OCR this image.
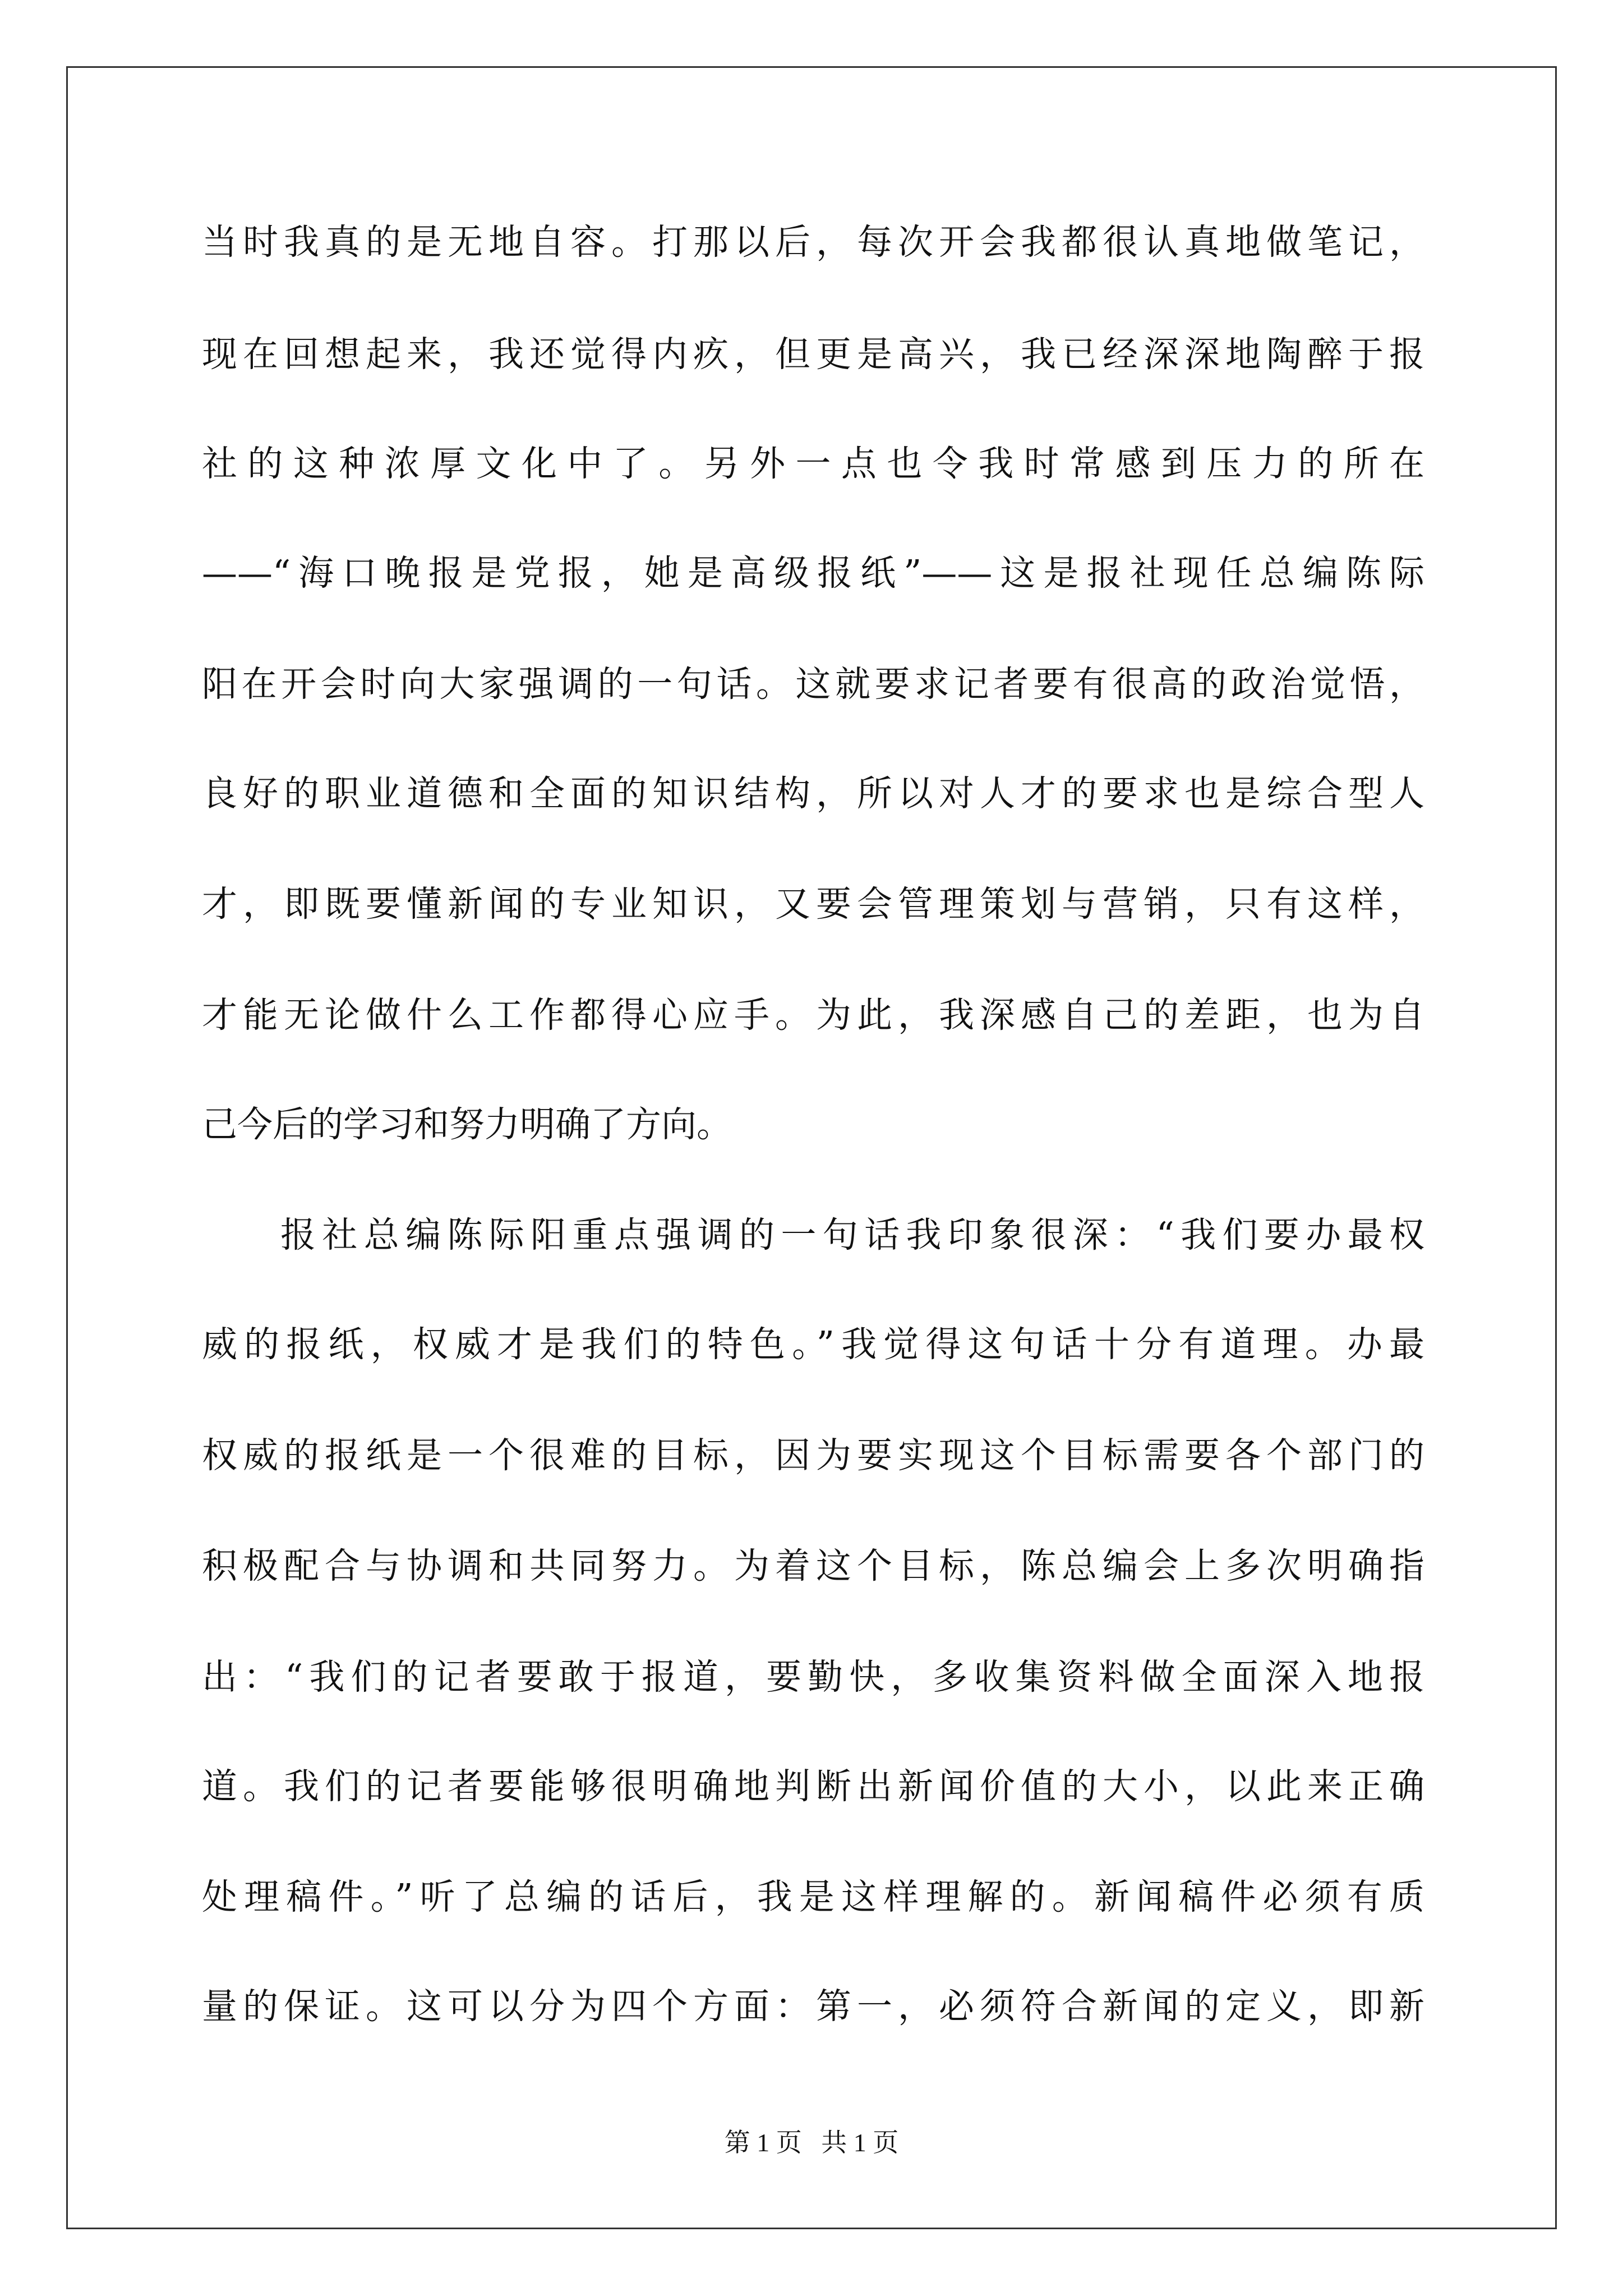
当时我真的是无地自容。打那以后，每次开会我都很认真地做笔记，

现在回想起来，我还觉得内疚，但更是高兴，我已经深深地陶醉于报

社的这种浓厚文化中了。另外一点也令我时常感到压力的所在

——“海口晚报是党报，她是高级报纸”——这是报社现任总编陈际

阳在开会时向大家强调的一句话。这就要求记者要有很高的政治觉悟，

良好的职业道德和全面的知识结构，所以对人才的要求也是综合型人

才，即既要懂新闻的专业知识，又要会管理策划与营销，只有这样，

才能无论做什么工作都得心应手。为此，我深感自己的差距，也为自

己今后的学习和努力明确了方向。

报社总编陈际阳重点强调的一句话我印象很深：“我们要办最权

威的报纸，权威才是我们的特色。”我觉得这句话十分有道理。办最

权威的报纸是一个很难的目标，因为要实现这个目标需要各个部门的

积极配合与协调和共同努力。为着这个目标，陈总编会上多次明确指

出：“我们的记者要敢于报道，要勤快，多收集资料做全面深入地报

道。我们的记者要能够很明确地判断出新闻价值的大小，以此来正确

处理稿件。”听了总编的话后，我是这样理解的。新闻稿件必须有质

量的保证。这可以分为四个方面：第一，必须符合新闻的定义，即新

第 1 页   共 1 页
